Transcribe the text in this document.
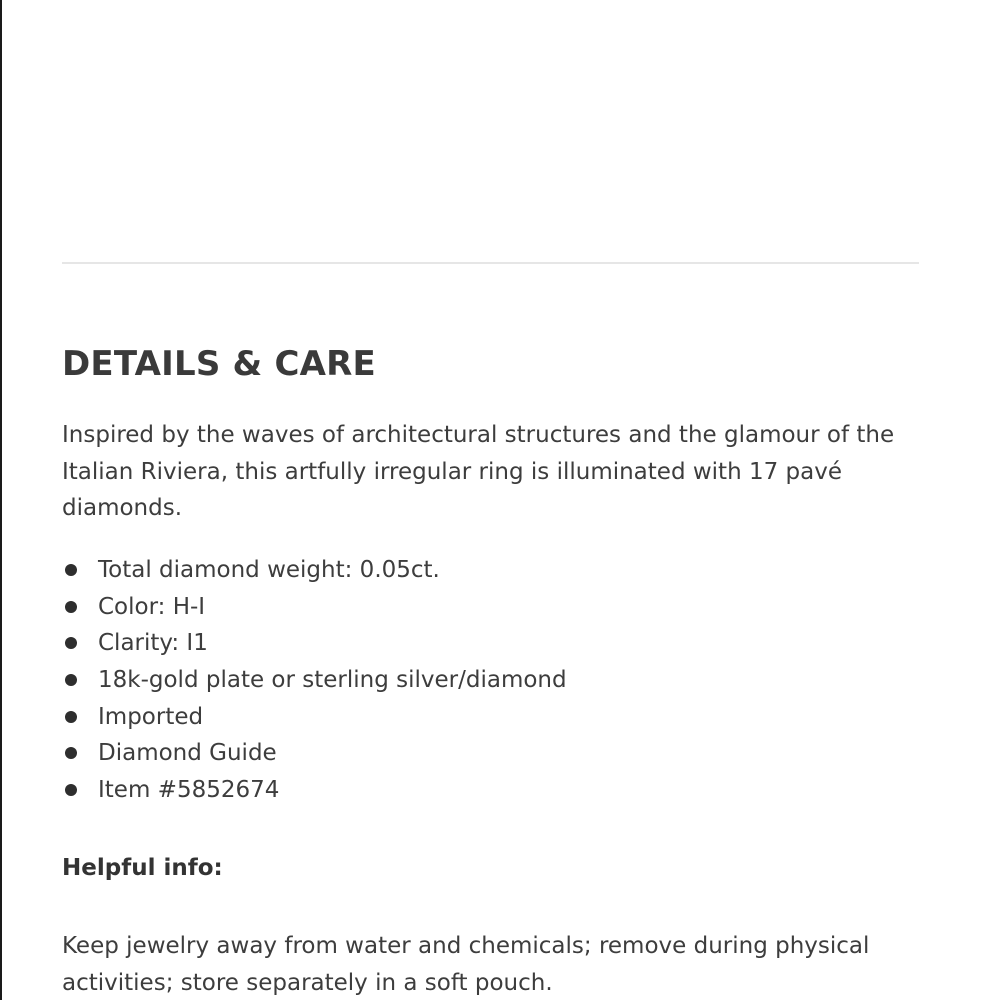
DETAILS & CARE

Inspired by the waves of architectural structures and the glamour of the Italian Riviera, this artfully irregular ring is illuminated with 17 pavé diamonds.

Total diamond weight: 0.05ct.
Color: H-I
Clarity: I1
18k-gold plate or sterling silver/diamond
Imported
Diamond Guide
Item #5852674

Helpful info:

Keep jewelry away from water and chemicals; remove during physical activities; store separately in a soft pouch.
